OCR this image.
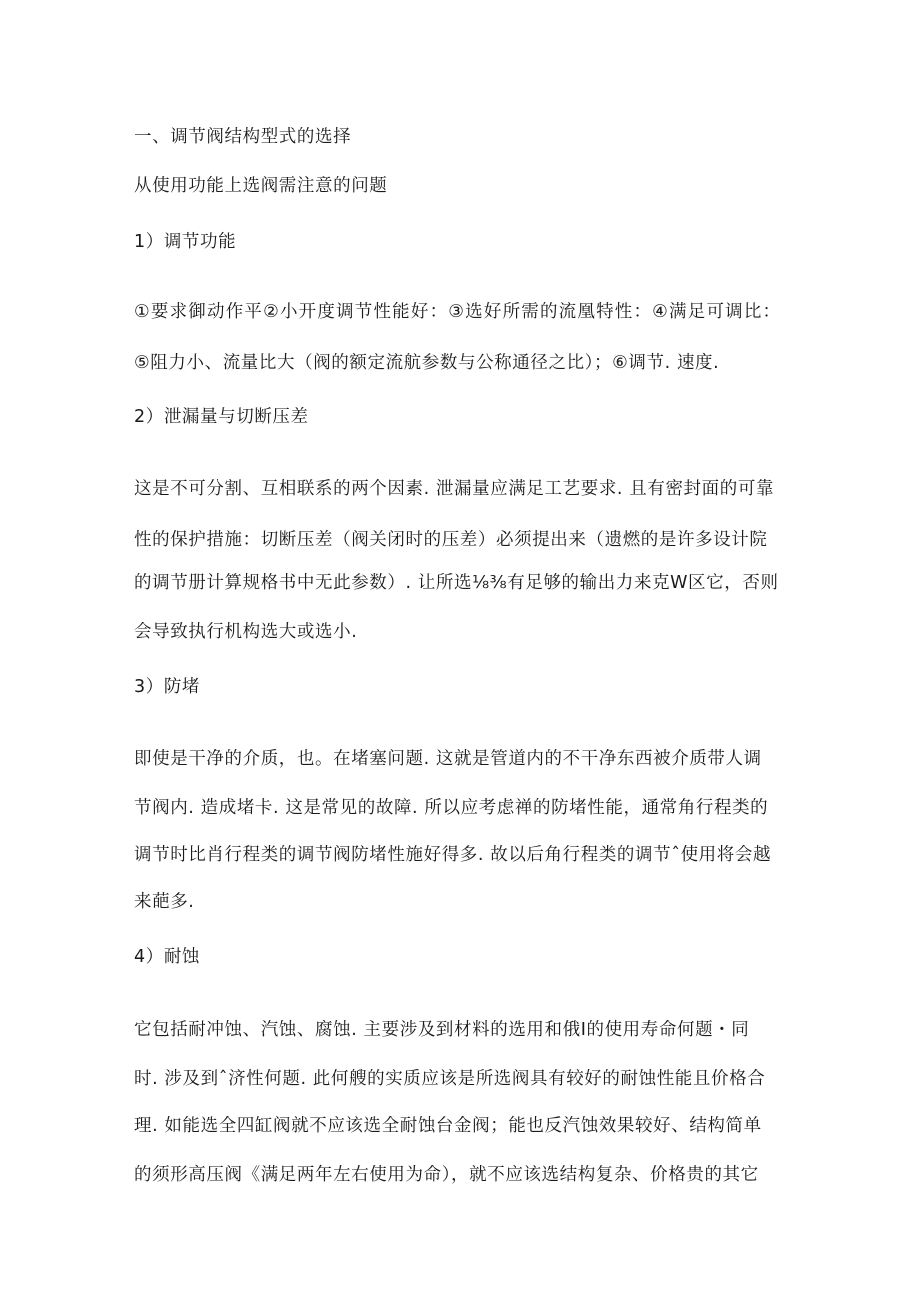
一、调节阀结构型式的选择
从使用功能上选阀需注意的问题
1）调节功能
①要求御动作平②小开度调节性能好：③选好所需的流凰特性：④满足可调比：
⑤阻力小、流量比大（阀的额定流航参数与公称通径之比）；⑥调节. 速度.
2）泄漏量与切断压差
这是不可分割、互相联系的两个因素. 泄漏量应满足工艺要求. 且有密封面的可靠
性的保护措施：切断压差（阀关闭时的压差）必须提出来（遗燃的是许多设计院
的调节册计算规格书中无此参数）. 让所选⅛⅜有足够的输出力来克W区它，否则
会导致执行机构选大或选小.
3）防堵
即使是干净的介质，也。在堵塞问题. 这就是管道内的不干净东西被介质带人调
节阀内. 造成堵卡. 这是常见的故障. 所以应考虑禅的防堵性能，通常角行程类的
调节时比肖行程类的调节阀防堵性施好得多. 故以后角行程类的调节ˆ使用将会越
来葩多.
4）耐蚀
它包括耐冲蚀、汽蚀、腐蚀. 主要涉及到材料的选用和俄I的使用寿命何题・同
时. 涉及到ˆ济性何题. 此何艘的实质应该是所选阀具有较好的耐蚀性能且价格合
理. 如能选全四缸阀就不应该选全耐蚀台金阀；能也反汽蚀效果较好、结构简单
的须形高压阀《满足两年左右使用为命），就不应该选结构复杂、价格贵的其它
